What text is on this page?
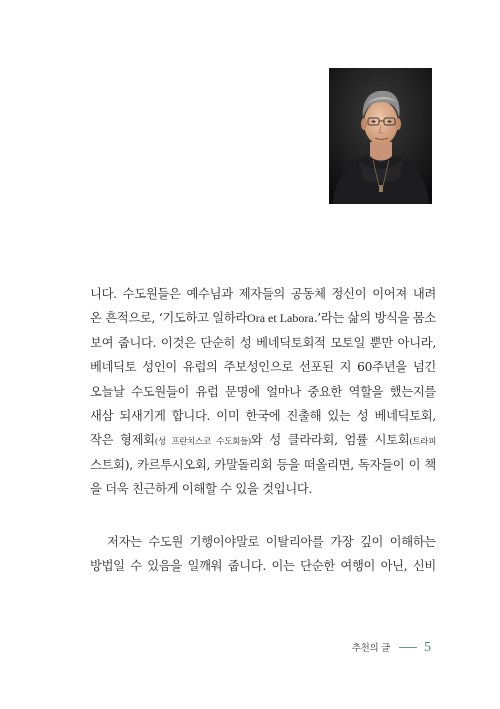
니다. 수도원들은 예수님과 제자들의 공동체 정신이 이어져 내려
온 흔적으로, ‘기도하고 일하라Ora et Labora.’라는 삶의 방식을 몸소
보여 줍니다. 이것은 단순히 성 베네딕토회적 모토일 뿐만 아니라,
베네딕토 성인이 유럽의 주보성인으로 선포된 지 60주년을 넘긴
오늘날 수도원들이 유럽 문명에 얼마나 중요한 역할을 했는지를
새삼 되새기게 합니다. 이미 한국에 진출해 있는 성 베네딕토회,
작은 형제회(성 프란치스코 수도회들)와 성 클라라회, 엄률 시토회(트라피
스트회), 카르투시오회, 카말돌리회 등을 떠올리면, 독자들이 이 책
을 더욱 친근하게 이해할 수 있을 것입니다.
저자는 수도원 기행이야말로 이탈리아를 가장 깊이 이해하는
방법일 수 있음을 일깨워 줍니다. 이는 단순한 여행이 아닌, 신비
추천의 글 5
